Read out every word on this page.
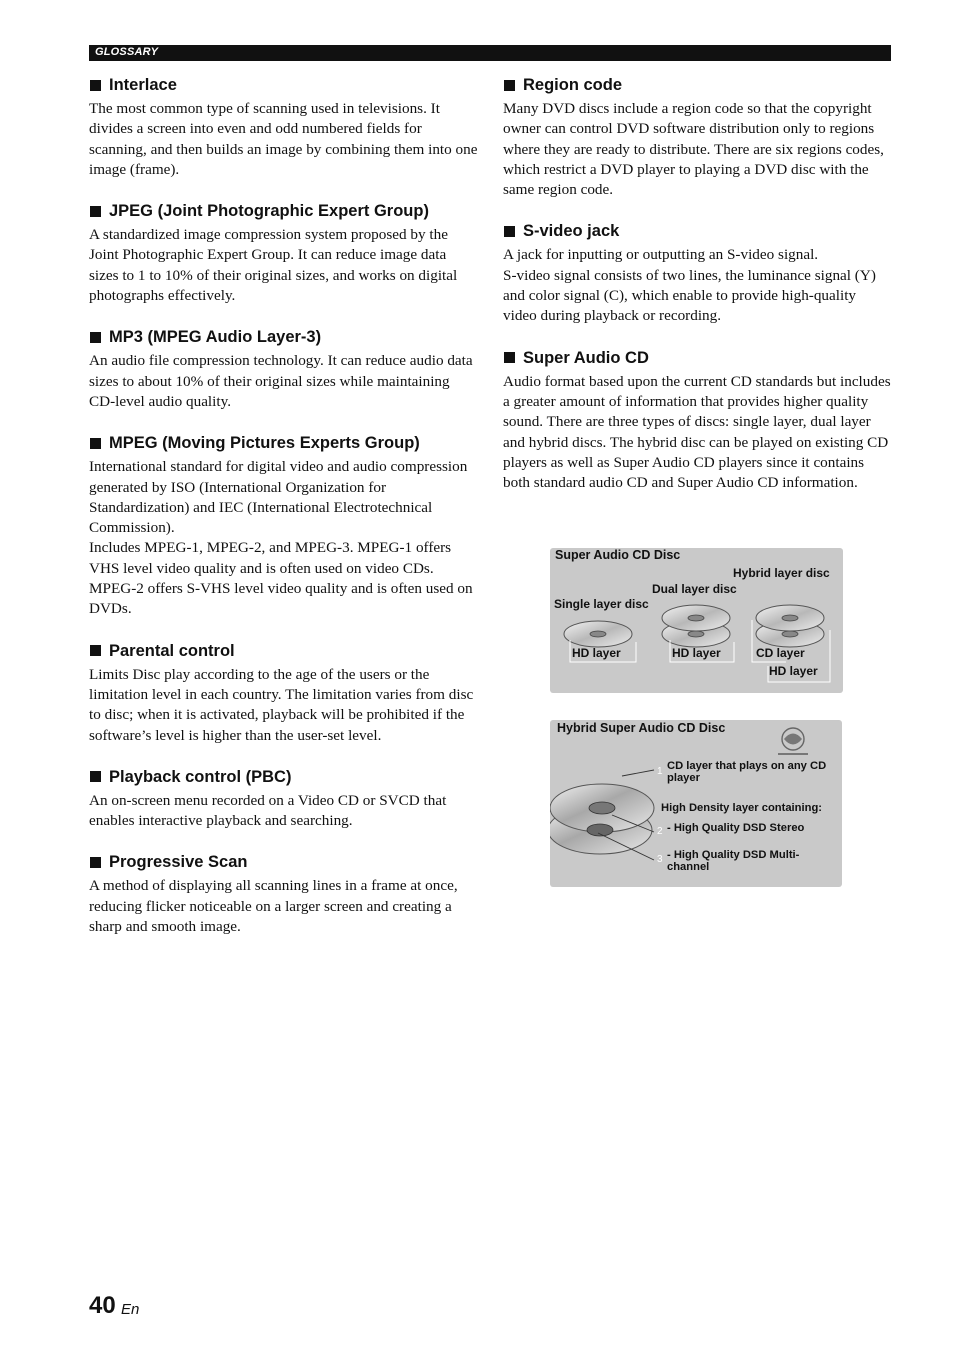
GLOSSARY
Interlace

The most common type of scanning used in televisions. It divides a screen into even and odd numbered fields for scanning, and then builds an image by combining them into one image (frame).

JPEG (Joint Photographic Expert Group)

A standardized image compression system proposed by the Joint Photographic Expert Group. It can reduce image data sizes to 1 to 10% of their original sizes, and works on digital photographs effectively.

MP3 (MPEG Audio Layer-3)

An audio file compression technology. It can reduce audio data sizes to about 10% of their original sizes while maintaining CD-level audio quality.

MPEG (Moving Pictures Experts Group)

International standard for digital video and audio compression generated by ISO (International Organization for Standardization) and IEC (International Electrotechnical Commission).

Includes MPEG-1, MPEG-2, and MPEG-3. MPEG-1 offers VHS level video quality and is often used on video CDs. MPEG-2 offers S-VHS level video quality and is often used on DVDs.

Parental control

Limits Disc play according to the age of the users or the limitation level in each country. The limitation varies from disc to disc; when it is activated, playback will be prohibited if the software’s level is higher than the user-set level.

Playback control (PBC)

An on-screen menu recorded on a Video CD or SVCD that enables interactive playback and searching.

Progressive Scan

A method of displaying all scanning lines in a frame at once, reducing flicker noticeable on a larger screen and creating a sharp and smooth image.

Region code

Many DVD discs include a region code so that the copyright owner can control DVD software distribution only to regions where they are ready to distribute. There are six regions codes, which restrict a DVD player to playing a DVD disc with the same region code.

S-video jack

A jack for inputting or outputting an S-video signal.

S-video signal consists of two lines, the luminance signal (Y) and color signal (C), which enable to provide high-quality video during playback or recording.

Super Audio CD

Audio format based upon the current CD standards but includes a greater amount of information that provides higher quality sound. There are three types of discs: single layer, dual layer and hybrid discs. The hybrid disc can be played on existing CD players as well as Super Audio CD players since it contains both standard audio CD and Super Audio CD information.

Super Audio CD Disc
Hybrid layer disc
Dual layer disc
Single layer disc
HD layer	HD layer	CD layer
HD layer
Hybrid Super Audio CD Disc
1 CD layer that plays on any CD player
High Density layer containing:
2 - High Quality DSD Stereo
3 - High Quality DSD Multi-channel
40 En
